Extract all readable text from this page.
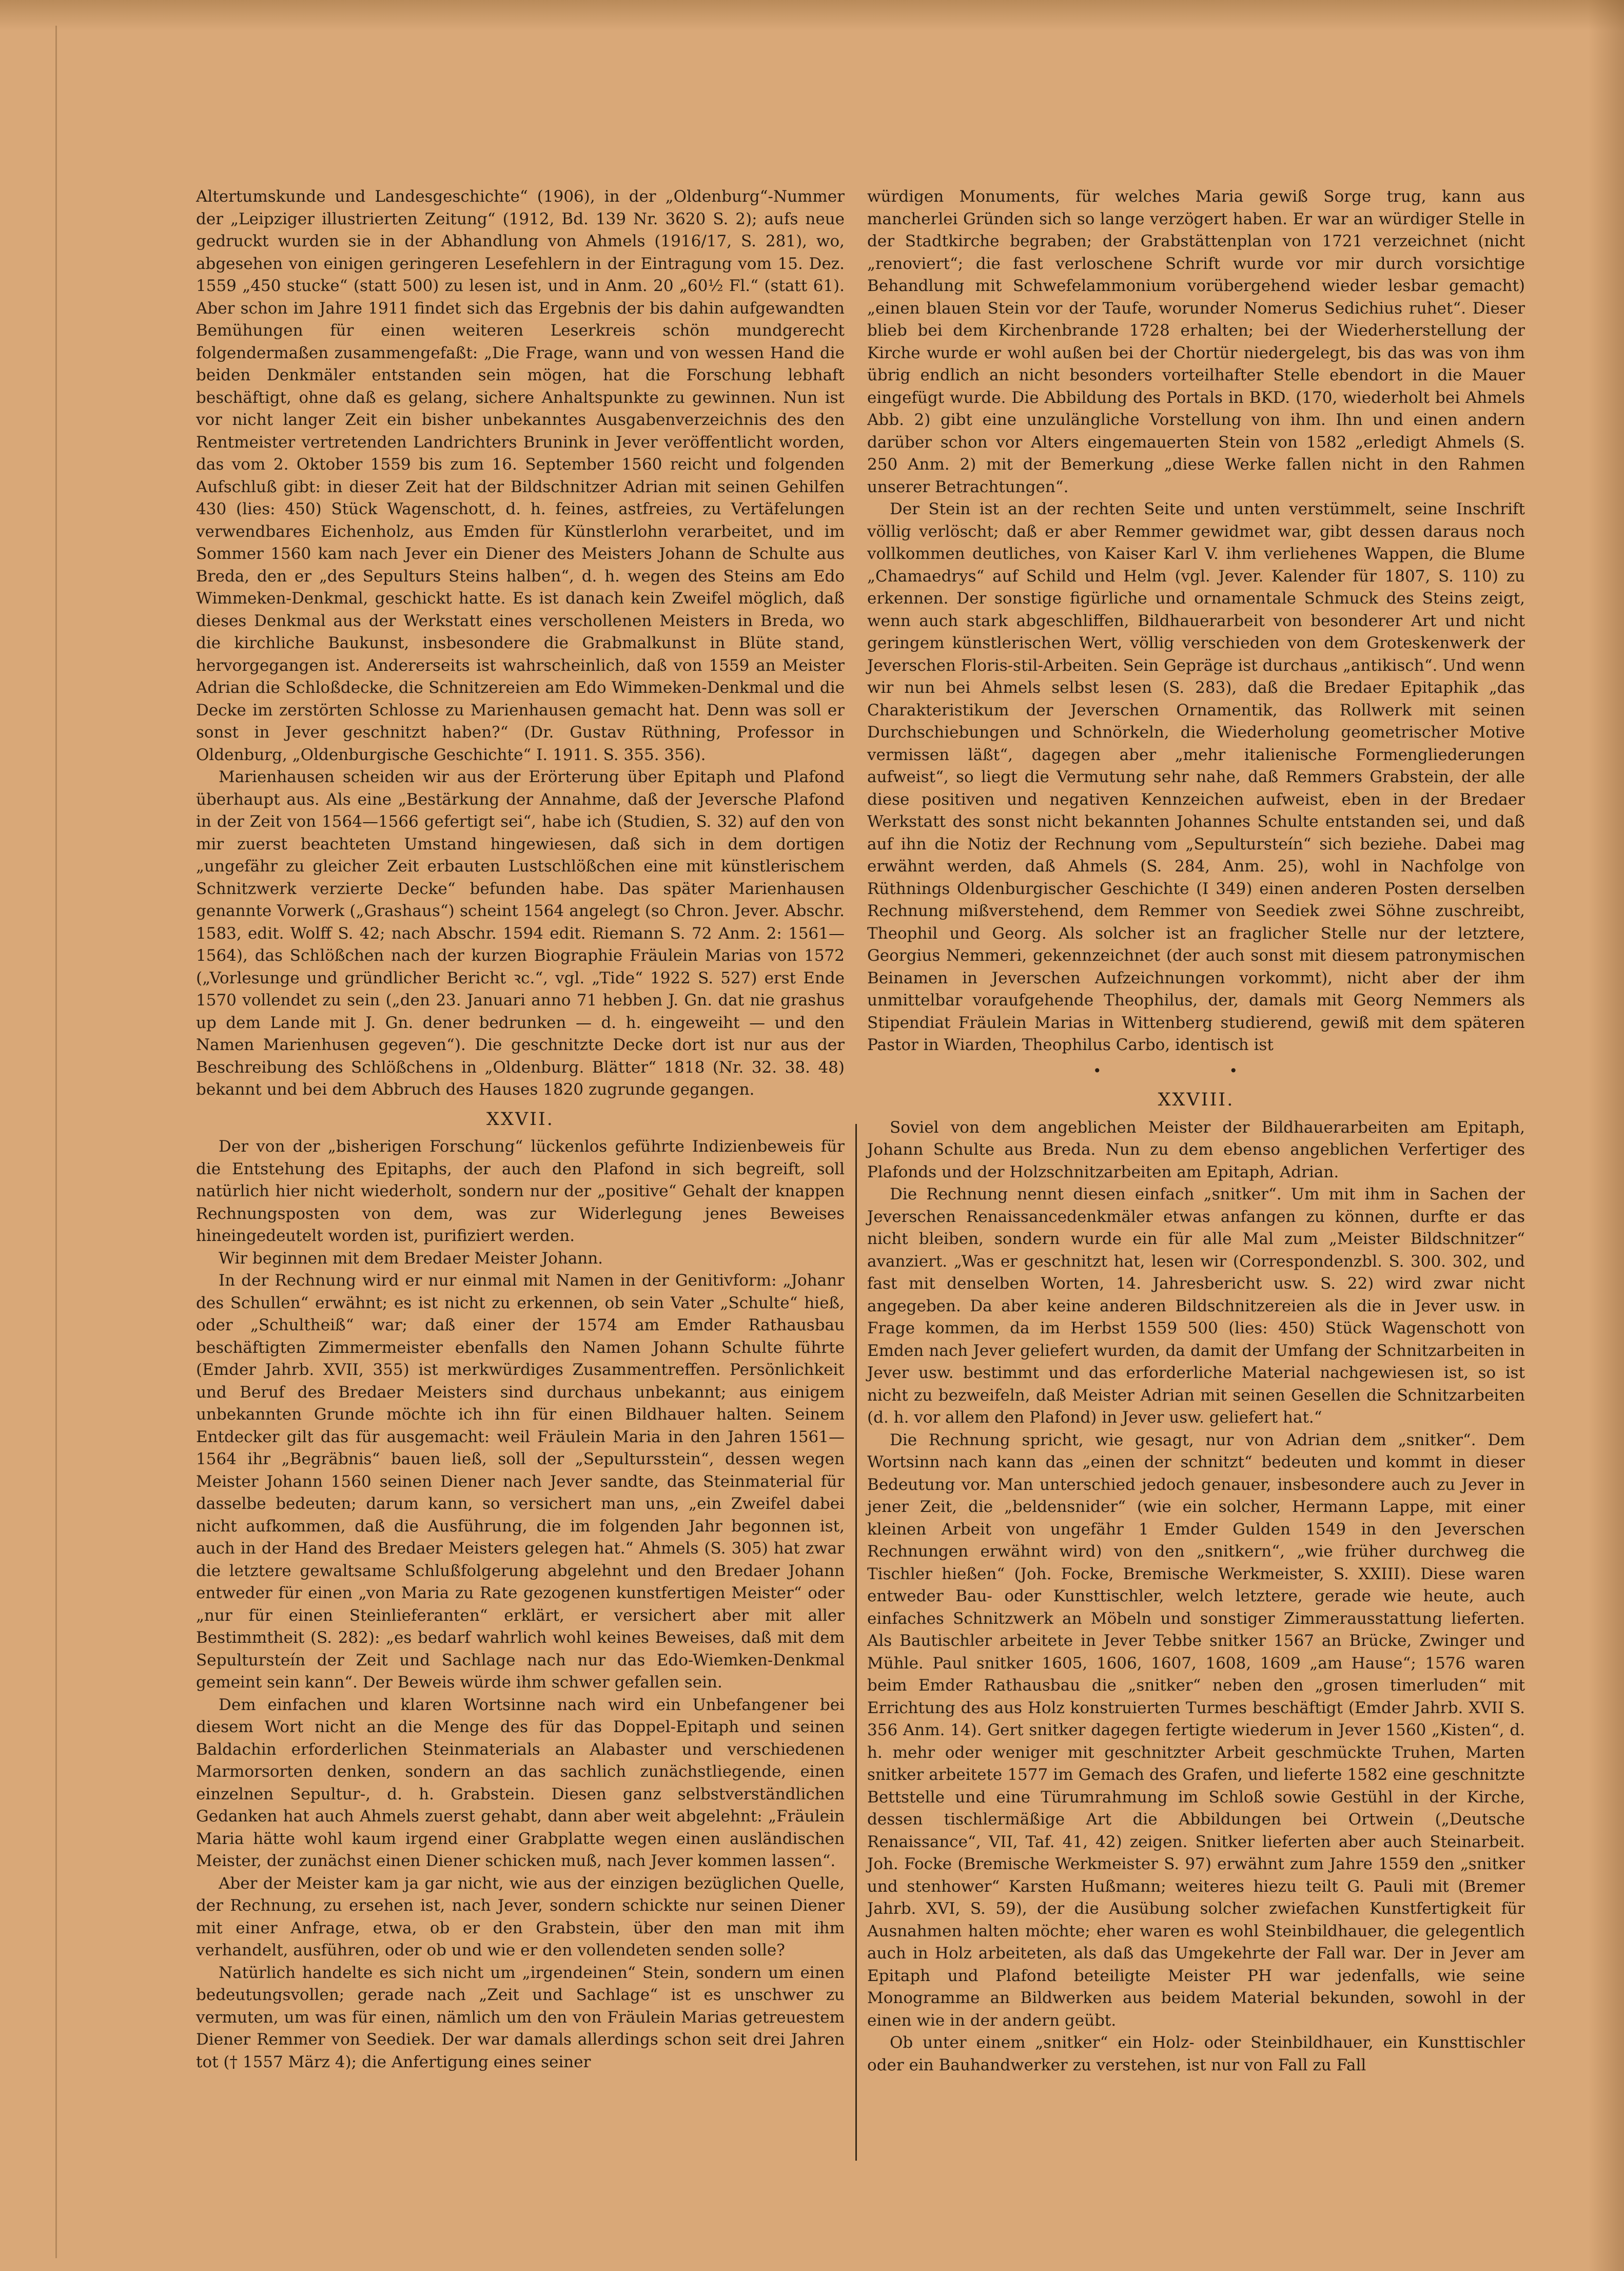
Altertumskunde und Landesgeschichte“ (1906), in der „Oldenburg“-Nummer der „Leipziger illustrierten Zeitung“ (1912, Bd. 139 Nr. 3620 S. 2); aufs neue gedruckt wurden sie in der Abhandlung von Ahmels (1916/17, S. 281), wo, abgesehen von einigen geringeren Lesefehlern in der Eintragung vom 15. Dez. 1559 „450 stucke“ (statt 500) zu lesen ist, und in Anm. 20 „60½ Fl.“ (statt 61). Aber schon im Jahre 1911 findet sich das Ergebnis der bis dahin aufgewandten Bemühungen für einen weiteren Leserkreis schön mundgerecht folgendermaßen zusammengefaßt: „Die Frage, wann und von wessen Hand die beiden Denkmäler entstanden sein mögen, hat die Forschung lebhaft beschäftigt, ohne daß es gelang, sichere Anhaltspunkte zu gewinnen. Nun ist vor nicht langer Zeit ein bisher unbekanntes Ausgabenverzeichnis des den Rentmeister vertretenden Landrichters Brunink in Jever veröffentlicht worden, das vom 2. Oktober 1559 bis zum 16. September 1560 reicht und folgenden Aufschluß gibt: in dieser Zeit hat der Bildschnitzer Adrian mit seinen Gehilfen 430 (lies: 450) Stück Wagenschott, d. h. feines, astfreies, zu Vertäfelungen verwendbares Eichenholz, aus Emden für Künstlerlohn verarbeitet, und im Sommer 1560 kam nach Jever ein Diener des Meisters Johann de Schulte aus Breda, den er „des Sepulturs Steins halben“, d. h. wegen des Steins am Edo Wimmeken-Denkmal, geschickt hatte. Es ist danach kein Zweifel möglich, daß dieses Denkmal aus der Werkstatt eines verschollenen Meisters in Breda, wo die kirchliche Baukunst, insbesondere die Grabmalkunst in Blüte stand, hervorgegangen ist. Andererseits ist wahrscheinlich, daß von 1559 an Meister Adrian die Schloßdecke, die Schnitzereien am Edo Wimmeken-Denkmal und die Decke im zerstörten Schlosse zu Marienhausen gemacht hat. Denn was soll er sonst in Jever geschnitzt haben?“ (Dr. Gustav Rüthning, Professor in Oldenburg, „Oldenburgische Geschichte“ I. 1911. S. 355. 356).

Marienhausen scheiden wir aus der Erörterung über Epitaph und Plafond überhaupt aus. Als eine „Bestärkung der Annahme, daß der Jeversche Plafond in der Zeit von 1564—1566 gefertigt sei“, habe ich (Studien, S. 32) auf den von mir zuerst beachteten Umstand hingewiesen, daß sich in dem dortigen „ungefähr zu gleicher Zeit erbauten Lustschlößchen eine mit künstlerischem Schnitzwerk verzierte Decke“ befunden habe. Das später Marienhausen genannte Vorwerk („Grashaus“) scheint 1564 angelegt (so Chron. Jever. Abschr. 1583, edit. Wolff S. 42; nach Abschr. 1594 edit. Riemann S. 72 Anm. 2: 1561—1564), das Schlößchen nach der kurzen Biographie Fräulein Marias von 1572 („Vorlesunge und gründlicher Bericht ꝛc.“, vgl. „Tide“ 1922 S. 527) erst Ende 1570 vollendet zu sein („den 23. Januari anno 71 hebben J. Gn. dat nie grashus up dem Lande mit J. Gn. dener bedrunken — d. h. eingeweiht — und den Namen Marienhusen gegeven“). Die geschnitzte Decke dort ist nur aus der Beschreibung des Schlößchens in „Oldenburg. Blätter“ 1818 (Nr. 32. 38. 48) bekannt und bei dem Abbruch des Hauses 1820 zugrunde gegangen.

XXVII.

Der von der „bisherigen Forschung“ lückenlos geführte Indizienbeweis für die Entstehung des Epitaphs, der auch den Plafond in sich begreift, soll natürlich hier nicht wiederholt, sondern nur der „positive“ Gehalt der knappen Rechnungsposten von dem, was zur Widerlegung jenes Beweises hineingedeutelt worden ist, purifiziert werden.

Wir beginnen mit dem Bredaer Meister Johann.

In der Rechnung wird er nur einmal mit Namen in der Genitivform: „Johanr des Schullen“ erwähnt; es ist nicht zu erkennen, ob sein Vater „Schulte“ hieß, oder „Schultheiß“ war; daß einer der 1574 am Emder Rathausbau beschäftigten Zimmermeister ebenfalls den Namen Johann Schulte führte (Emder Jahrb. XVII, 355) ist merkwürdiges Zusammentreffen. Persönlichkeit und Beruf des Bredaer Meisters sind durchaus unbekannt; aus einigem unbekannten Grunde möchte ich ihn für einen Bildhauer halten. Seinem Entdecker gilt das für ausgemacht: weil Fräulein Maria in den Jahren 1561—1564 ihr „Begräbnis“ bauen ließ, soll der „Sepultursstein“, dessen wegen Meister Johann 1560 seinen Diener nach Jever sandte, das Steinmaterial für dasselbe bedeuten; darum kann, so versichert man uns, „ein Zweifel dabei nicht aufkommen, daß die Ausführung, die im folgenden Jahr begonnen ist, auch in der Hand des Bredaer Meisters gelegen hat.“ Ahmels (S. 305) hat zwar die letztere gewaltsame Schlußfolgerung abgelehnt und den Bredaer Johann entweder für einen „von Maria zu Rate gezogenen kunstfertigen Meister“ oder „nur für einen Steinlieferanten“ erklärt, er versichert aber mit aller Bestimmtheit (S. 282): „es bedarf wahrlich wohl keines Beweises, daß mit dem Sepultursteín der Zeit und Sachlage nach nur das Edo-Wiemken-Denkmal gemeint sein kann“. Der Beweis würde ihm schwer gefallen sein.

Dem einfachen und klaren Wortsinne nach wird ein Unbefangener bei diesem Wort nicht an die Menge des für das Doppel-Epitaph und seinen Baldachin erforderlichen Steinmaterials an Alabaster und verschiedenen Marmorsorten denken, sondern an das sachlich zunächstliegende, einen einzelnen Sepultur-, d. h. Grabstein. Diesen ganz selbstverständlichen Gedanken hat auch Ahmels zuerst gehabt, dann aber weit abgelehnt: „Fräulein Maria hätte wohl kaum irgend einer Grabplatte wegen einen ausländischen Meister, der zunächst einen Diener schicken muß, nach Jever kommen lassen“.

Aber der Meister kam ja gar nicht, wie aus der einzigen bezüglichen Quelle, der Rechnung, zu ersehen ist, nach Jever, sondern schickte nur seinen Diener mit einer Anfrage, etwa, ob er den Grabstein, über den man mit ihm verhandelt, ausführen, oder ob und wie er den vollendeten senden solle?

Natürlich handelte es sich nicht um „irgendeinen“ Stein, sondern um einen bedeutungsvollen; gerade nach „Zeit und Sachlage“ ist es unschwer zu vermuten, um was für einen, nämlich um den von Fräulein Marias getreuestem Diener Remmer von Seediek. Der war damals allerdings schon seit drei Jahren tot († 1557 März 4); die Anfertigung eines seiner

würdigen Monuments, für welches Maria gewiß Sorge trug, kann aus mancherlei Gründen sich so lange verzögert haben. Er war an würdiger Stelle in der Stadtkirche begraben; der Grabstättenplan von 1721 verzeichnet (nicht „renoviert“; die fast verloschene Schrift wurde vor mir durch vorsichtige Behandlung mit Schwefelammonium vorübergehend wieder lesbar gemacht) „einen blauen Stein vor der Taufe, worunder Nomerus Sedichius ruhet“. Dieser blieb bei dem Kirchenbrande 1728 erhalten; bei der Wiederherstellung der Kirche wurde er wohl außen bei der Chortür niedergelegt, bis das was von ihm übrig endlich an nicht besonders vorteilhafter Stelle ebendort in die Mauer eingefügt wurde. Die Abbildung des Portals in BKD. (170, wiederholt bei Ahmels Abb. 2) gibt eine unzulängliche Vorstellung von ihm. Ihn und einen andern darüber schon vor Alters eingemauerten Stein von 1582 „erledigt Ahmels (S. 250 Anm. 2) mit der Bemerkung „diese Werke fallen nicht in den Rahmen unserer Betrachtungen“.

Der Stein ist an der rechten Seite und unten verstümmelt, seine Inschrift völlig verlöscht; daß er aber Remmer gewidmet war, gibt dessen daraus noch vollkommen deutliches, von Kaiser Karl V. ihm verliehenes Wappen, die Blume „Chamaedrys“ auf Schild und Helm (vgl. Jever. Kalender für 1807, S. 110) zu erkennen. Der sonstige figürliche und ornamentale Schmuck des Steins zeigt, wenn auch stark abgeschliffen, Bildhauerarbeit von besonderer Art und nicht geringem künstlerischen Wert, völlig verschieden von dem Groteskenwerk der Jeverschen Floris-stil-Arbeiten. Sein Gepräge ist durchaus „antikisch“. Und wenn wir nun bei Ahmels selbst lesen (S. 283), daß die Bredaer Epitaphik „das Charakteristikum der Jeverschen Ornamentik, das Rollwerk mit seinen Durchschiebungen und Schnörkeln, die Wiederholung geometrischer Motive vermissen läßt“, dagegen aber „mehr italienische Formengliederungen aufweist“, so liegt die Vermutung sehr nahe, daß Remmers Grabstein, der alle diese positiven und negativen Kennzeichen aufweist, eben in der Bredaer Werkstatt des sonst nicht bekannten Johannes Schulte entstanden sei, und daß auf ihn die Notiz der Rechnung vom „Sepultursteín“ sich beziehe. Dabei mag erwähnt werden, daß Ahmels (S. 284, Anm. 25), wohl in Nachfolge von Rüthnings Oldenburgischer Geschichte (I 349) einen anderen Posten derselben Rechnung mißverstehend, dem Remmer von Seediek zwei Söhne zuschreibt, Theophil und Georg. Als solcher ist an fraglicher Stelle nur der letztere, Georgius Nemmeri, gekennzeichnet (der auch sonst mit diesem patronymischen Beinamen in Jeverschen Aufzeichnungen vorkommt), nicht aber der ihm unmittelbar voraufgehende Theophilus, der, damals mit Georg Nemmers als Stipendiat Fräulein Marias in Wittenberg studierend, gewiß mit dem späteren Pastor in Wiarden, Theophilus Carbo, identisch ist

• •
XXVIII.

Soviel von dem angeblichen Meister der Bildhauerarbeiten am Epitaph, Johann Schulte aus Breda. Nun zu dem ebenso angeblichen Verfertiger des Plafonds und der Holzschnitzarbeiten am Epitaph, Adrian.

Die Rechnung nennt diesen einfach „snitker“. Um mit ihm in Sachen der Jeverschen Renaissancedenkmäler etwas anfangen zu können, durfte er das nicht bleiben, sondern wurde ein für alle Mal zum „Meister Bildschnitzer“ avanziert. „Was er geschnitzt hat, lesen wir (Correspondenzbl. S. 300. 302, und fast mit denselben Worten, 14. Jahresbericht usw. S. 22) wird zwar nicht angegeben. Da aber keine anderen Bildschnitzereien als die in Jever usw. in Frage kommen, da im Herbst 1559 500 (lies: 450) Stück Wagenschott von Emden nach Jever geliefert wurden, da damit der Umfang der Schnitzarbeiten in Jever usw. bestimmt und das erforderliche Material nachgewiesen ist, so ist nicht zu bezweifeln, daß Meister Adrian mit seinen Gesellen die Schnitzarbeiten (d. h. vor allem den Plafond) in Jever usw. geliefert hat.“

Die Rechnung spricht, wie gesagt, nur von Adrian dem „snitker“. Dem Wortsinn nach kann das „einen der schnitzt“ bedeuten und kommt in dieser Bedeutung vor. Man unterschied jedoch genauer, insbesondere auch zu Jever in jener Zeit, die „beldensnider“ (wie ein solcher, Hermann Lappe, mit einer kleinen Arbeit von ungefähr 1 Emder Gulden 1549 in den Jeverschen Rechnungen erwähnt wird) von den „snitkern“, „wie früher durchweg die Tischler hießen“ (Joh. Focke, Bremische Werkmeister, S. XXIII). Diese waren entweder Bau- oder Kunsttischler, welch letztere, gerade wie heute, auch einfaches Schnitzwerk an Möbeln und sonstiger Zimmerausstattung lieferten. Als Bautischler arbeitete in Jever Tebbe snitker 1567 an Brücke, Zwinger und Mühle. Paul snitker 1605, 1606, 1607, 1608, 1609 „am Hause“; 1576 waren beim Emder Rathausbau die „snitker“ neben den „grosen timerluden“ mit Errichtung des aus Holz konstruierten Turmes beschäftigt (Emder Jahrb. XVII S. 356 Anm. 14). Gert snitker dagegen fertigte wiederum in Jever 1560 „Kisten“, d. h. mehr oder weniger mit geschnitzter Arbeit geschmückte Truhen, Marten snitker arbeitete 1577 im Gemach des Grafen, und lieferte 1582 eine geschnitzte Bettstelle und eine Türumrahmung im Schloß sowie Gestühl in der Kirche, dessen tischlermäßige Art die Abbildungen bei Ortwein („Deutsche Renaissance“, VII, Taf. 41, 42) zeigen. Snitker lieferten aber auch Steinarbeit. Joh. Focke (Bremische Werkmeister S. 97) erwähnt zum Jahre 1559 den „snitker und stenhower“ Karsten Hußmann; weiteres hiezu teilt G. Pauli mit (Bremer Jahrb. XVI, S. 59), der die Ausübung solcher zwiefachen Kunstfertigkeit für Ausnahmen halten möchte; eher waren es wohl Steinbildhauer, die gelegentlich auch in Holz arbeiteten, als daß das Umgekehrte der Fall war. Der in Jever am Epitaph und Plafond beteiligte Meister PH war jedenfalls, wie seine Monogramme an Bildwerken aus beidem Material bekunden, sowohl in der einen wie in der andern geübt.

Ob unter einem „snitker“ ein Holz- oder Steinbildhauer, ein Kunsttischler oder ein Bauhandwerker zu verstehen, ist nur von Fall zu Fall
